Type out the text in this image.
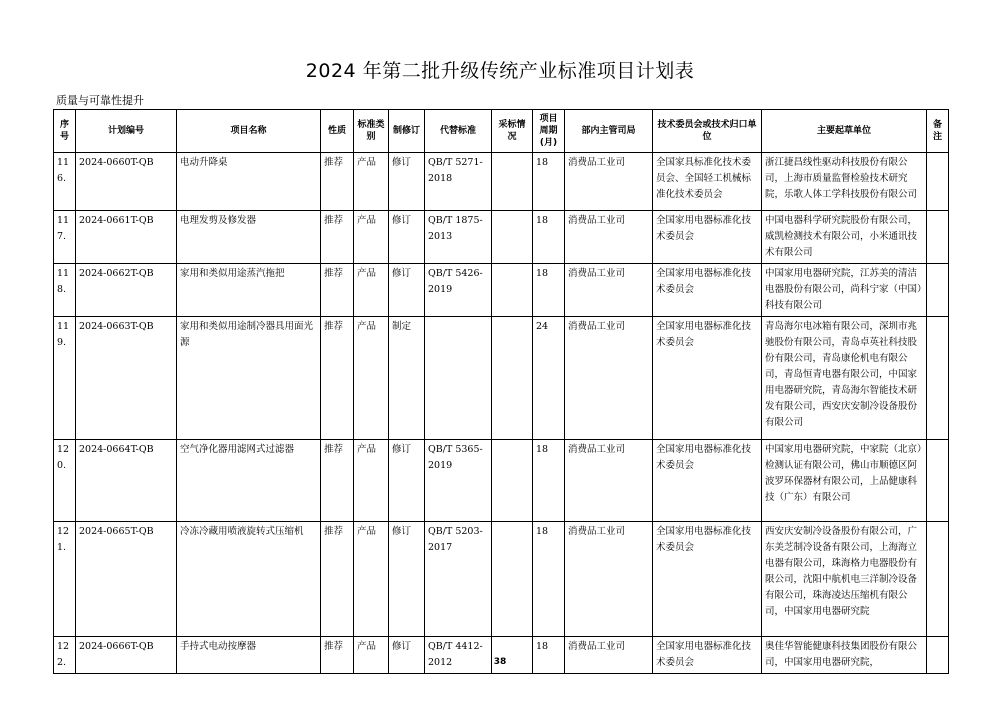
2024 年第二批升级传统产业标准项目计划表
质量与可靠性提升
序号	计划编号	项目名称	性质	标准类别	制修订	代替标准	采标情况	项目周期(月)	部内主管司局	技术委员会或技术归口单位	主要起草单位	备注
116.	2024-0660T-QB	电动升降桌	推荐	产品	修订	QB/T 5271-2018		18	消费品工业司	全国家具标准化技术委员会、全国轻工机械标准化技术委员会	浙江捷昌线性驱动科技股份有限公司，上海市质量监督检验技术研究院，乐歌人体工学科技股份有限公司	
117.	2024-0661T-QB	电理发剪及修发器	推荐	产品	修订	QB/T 1875-2013		18	消费品工业司	全国家用电器标准化技术委员会	中国电器科学研究院股份有限公司，威凯检测技术有限公司，小米通讯技术有限公司	
118.	2024-0662T-QB	家用和类似用途蒸汽拖把	推荐	产品	修订	QB/T 5426-2019		18	消费品工业司	全国家用电器标准化技术委员会	中国家用电器研究院，江苏美的清洁电器股份有限公司，尚科宁家（中国）科技有限公司	
119.	2024-0663T-QB	家用和类似用途制冷器具用面光源	推荐	产品	制定			24	消费品工业司	全国家用电器标准化技术委员会	青岛海尔电冰箱有限公司，深圳市兆驰股份有限公司，青岛卓英社科技股份有限公司，青岛康伦机电有限公司，青岛恒青电器有限公司，中国家用电器研究院，青岛海尔智能技术研发有限公司，西安庆安制冷设备股份有限公司	
120.	2024-0664T-QB	空气净化器用滤网式过滤器	推荐	产品	修订	QB/T 5365-2019		18	消费品工业司	全国家用电器标准化技术委员会	中国家用电器研究院，中家院（北京）检测认证有限公司，佛山市顺德区阿波罗环保器材有限公司，上品健康科技（广东）有限公司	
121.	2024-0665T-QB	冷冻冷藏用喷液旋转式压缩机	推荐	产品	修订	QB/T 5203-2017		18	消费品工业司	全国家用电器标准化技术委员会	西安庆安制冷设备股份有限公司，广东美芝制冷设备有限公司，上海海立电器有限公司，珠海格力电器股份有限公司，沈阳中航机电三洋制冷设备有限公司，珠海凌达压缩机有限公司，中国家用电器研究院	
122.	2024-0666T-QB	手持式电动按摩器	推荐	产品	修订	QB/T 4412-2012		18	消费品工业司	全国家用电器标准化技术委员会	奥佳华智能健康科技集团股份有限公司，中国家用电器研究院，	
38
